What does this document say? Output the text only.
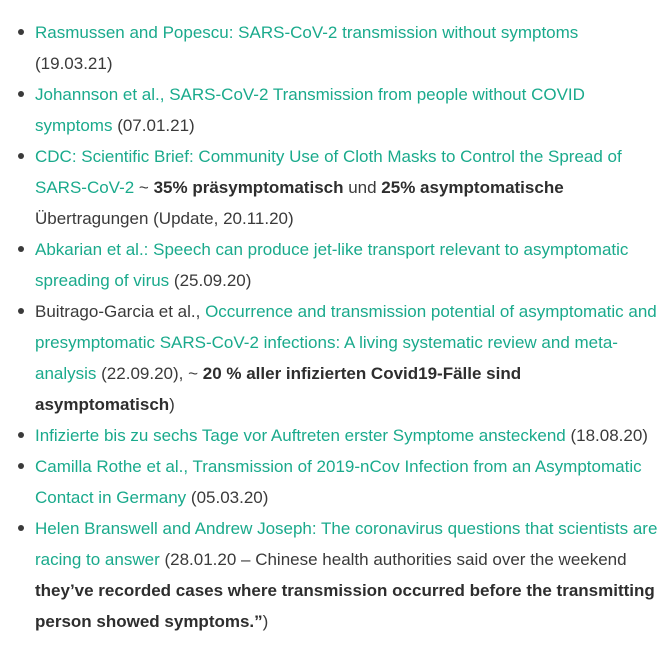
Rasmussen and Popescu: SARS-CoV-2 transmission without symptoms (19.03.21)
Johannson et al., SARS-CoV-2 Transmission from people without COVID symptoms (07.01.21)
CDC: Scientific Brief: Community Use of Cloth Masks to Control the Spread of SARS-CoV-2 ~ 35% präsymptomatisch und 25% asymptomatische Übertragungen (Update, 20.11.20)
Abkarian et al.: Speech can produce jet-like transport relevant to asymptomatic spreading of virus (25.09.20)
Buitrago-Garcia et al., Occurrence and transmission potential of asymptomatic and presymptomatic SARS-CoV-2 infections: A living systematic review and meta-analysis (22.09.20), ~ 20 % aller infizierten Covid19-Fälle sind asymptomatisch)
Infizierte bis zu sechs Tage vor Auftreten erster Symptome ansteckend (18.08.20)
Camilla Rothe et al., Transmission of 2019-nCov Infection from an Asymptomatic Contact in Germany (05.03.20)
Helen Branswell and Andrew Joseph: The coronavirus questions that scientists are racing to answer (28.01.20 – Chinese health authorities said over the weekend they’ve recorded cases where transmission occurred before the transmitting person showed symptoms.”)
